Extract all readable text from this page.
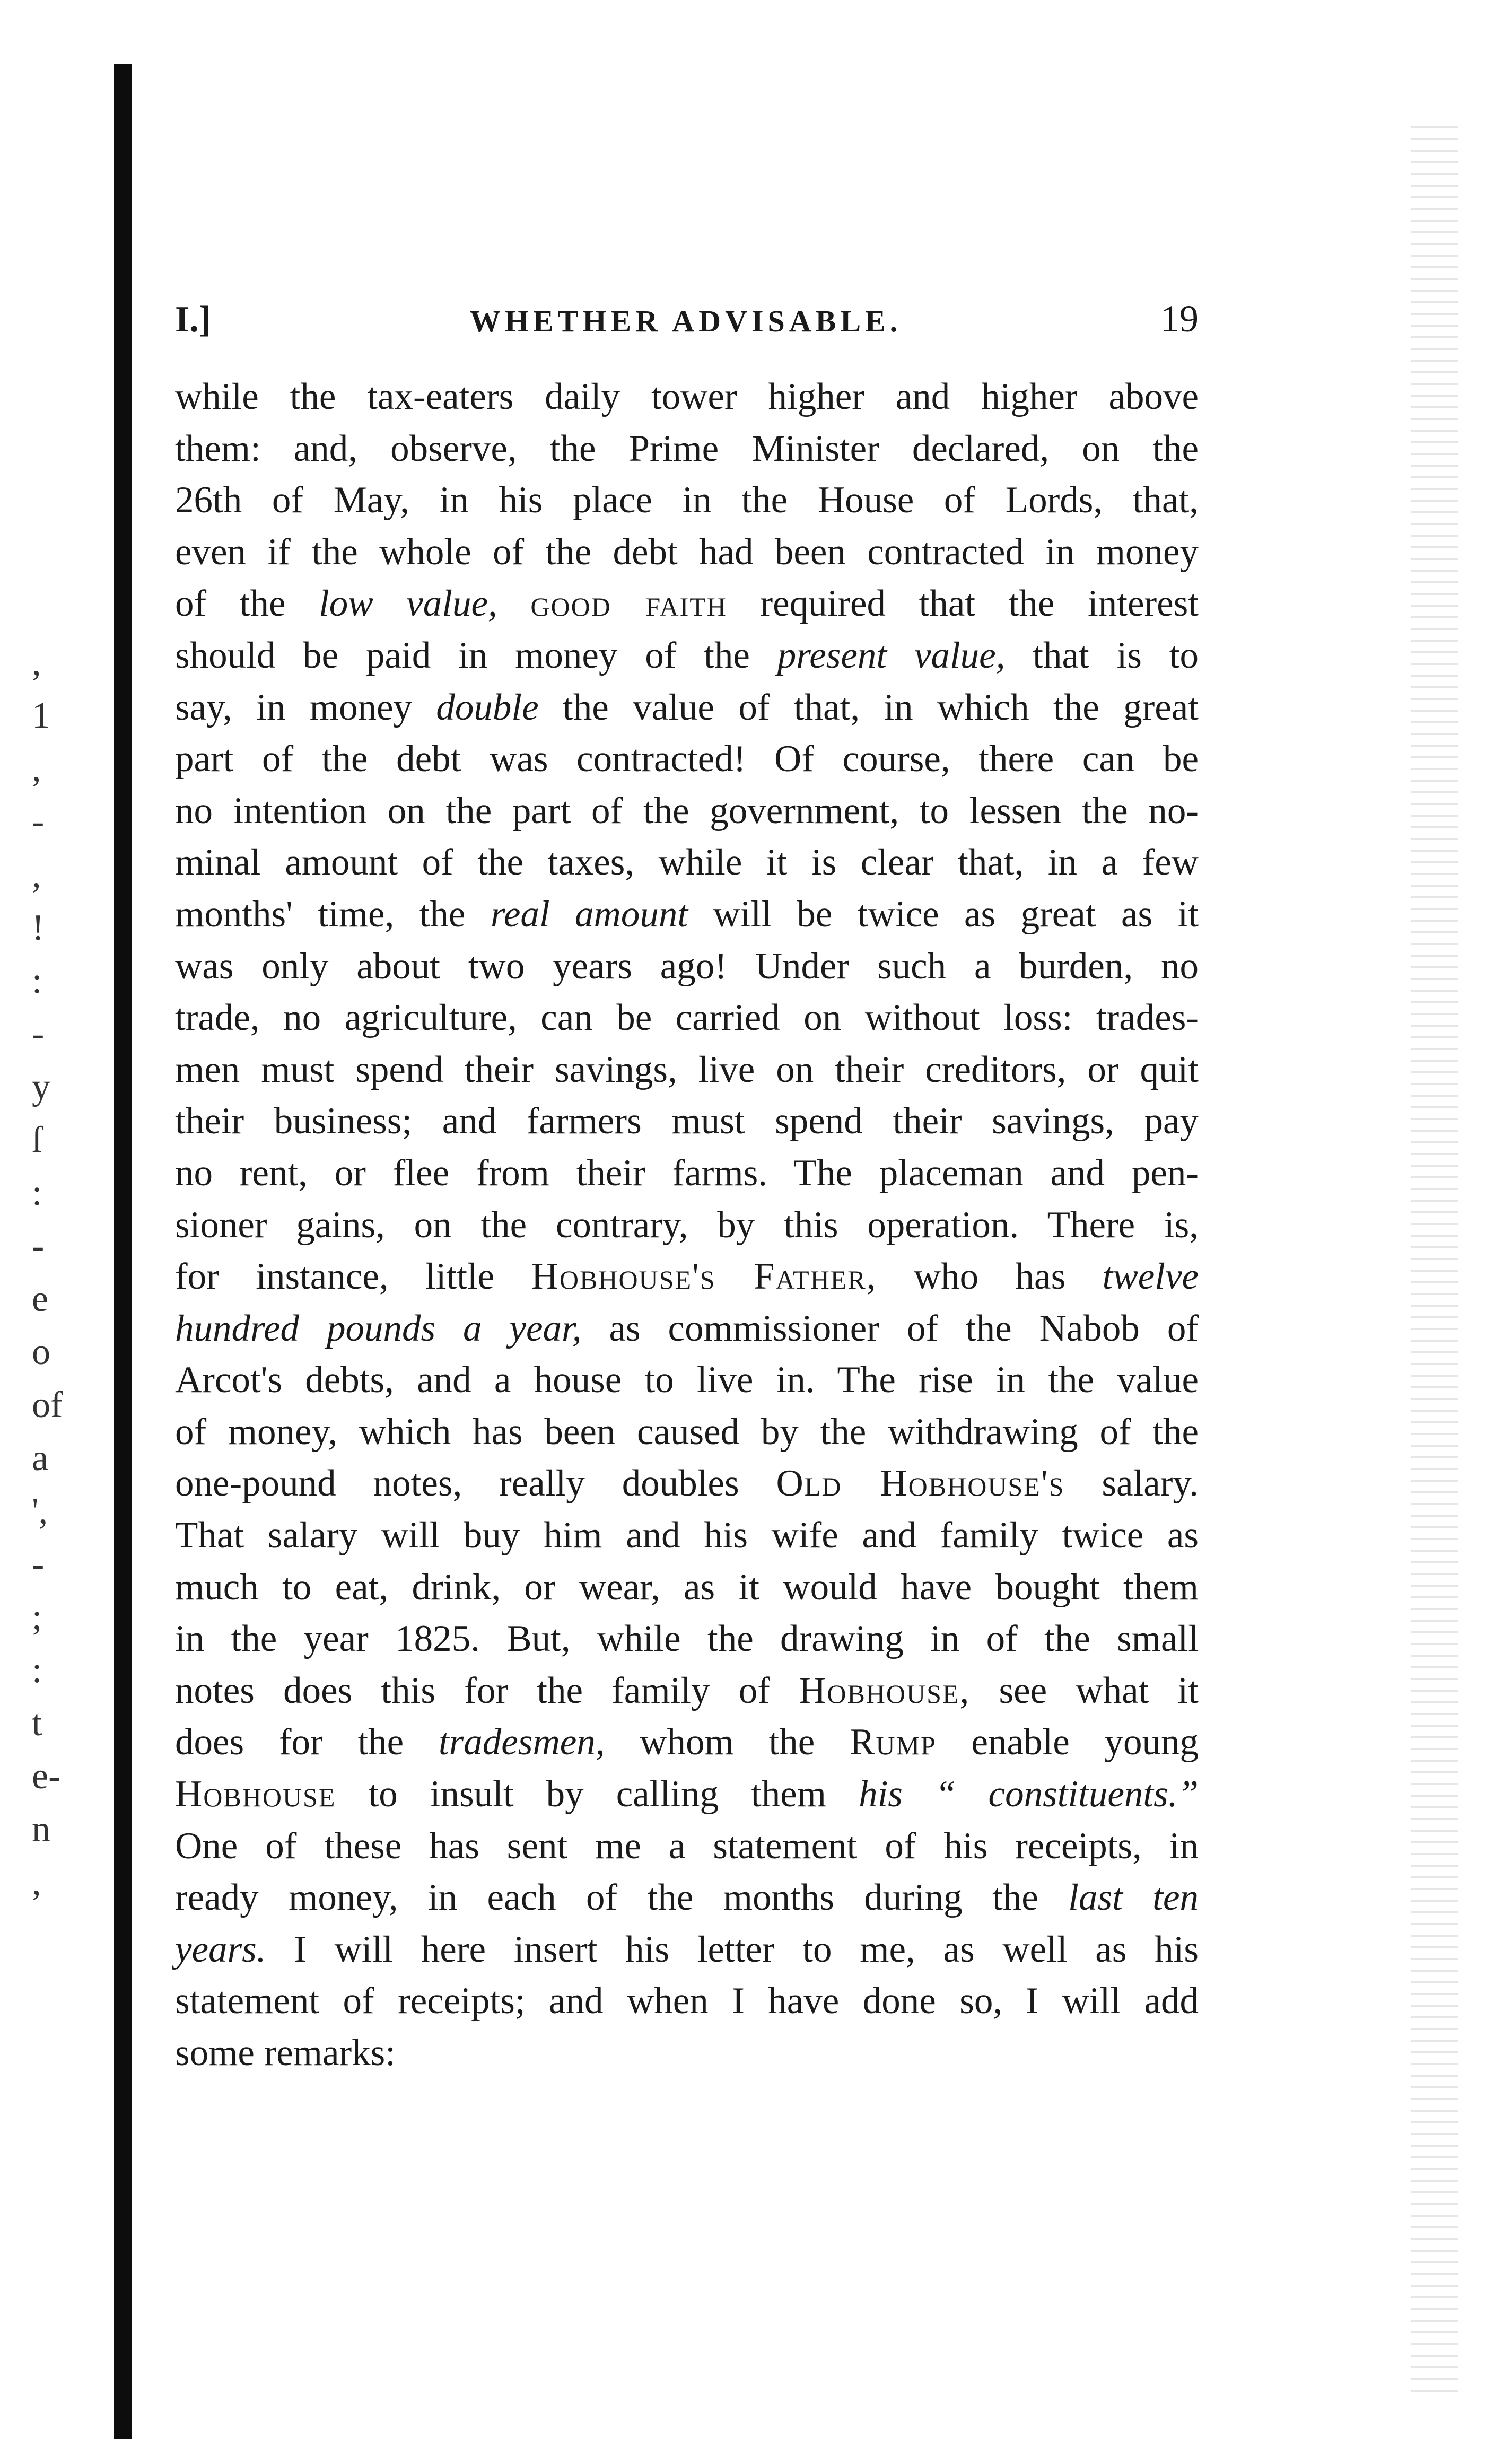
,
1
,
-
,
!
:
-
y
ſ
:
-
e
o
of
a
',
-
;
:
t
e-
n
,
I.]	WHETHER ADVISABLE.	19
while the tax-eaters daily tower higher and higher above
them: and, observe, the Prime Minister declared, on the
26th of May, in his place in the House of Lords, that,
even if the whole of the debt had been contracted in money
of the low value, good faith required that the interest
should be paid in money of the present value, that is to
say, in money double the value of that, in which the great
part of the debt was contracted! Of course, there can be
no intention on the part of the government, to lessen the no-
minal amount of the taxes, while it is clear that, in a few
months' time, the real amount will be twice as great as it
was only about two years ago! Under such a burden, no
trade, no agriculture, can be carried on without loss: trades-
men must spend their savings, live on their creditors, or quit
their business; and farmers must spend their savings, pay
no rent, or flee from their farms. The placeman and pen-
sioner gains, on the contrary, by this operation. There is,
for instance, little Hobhouse's Father, who has twelve
hundred pounds a year, as commissioner of the Nabob of
Arcot's debts, and a house to live in. The rise in the value
of money, which has been caused by the withdrawing of the
one-pound notes, really doubles Old Hobhouse's salary.
That salary will buy him and his wife and family twice as
much to eat, drink, or wear, as it would have bought them
in the year 1825. But, while the drawing in of the small
notes does this for the family of Hobhouse, see what it
does for the tradesmen, whom the Rump enable young
Hobhouse to insult by calling them his “ constituents.”
One of these has sent me a statement of his receipts, in
ready money, in each of the months during the last ten
years. I will here insert his letter to me, as well as his
statement of receipts; and when I have done so, I will add
some remarks:
